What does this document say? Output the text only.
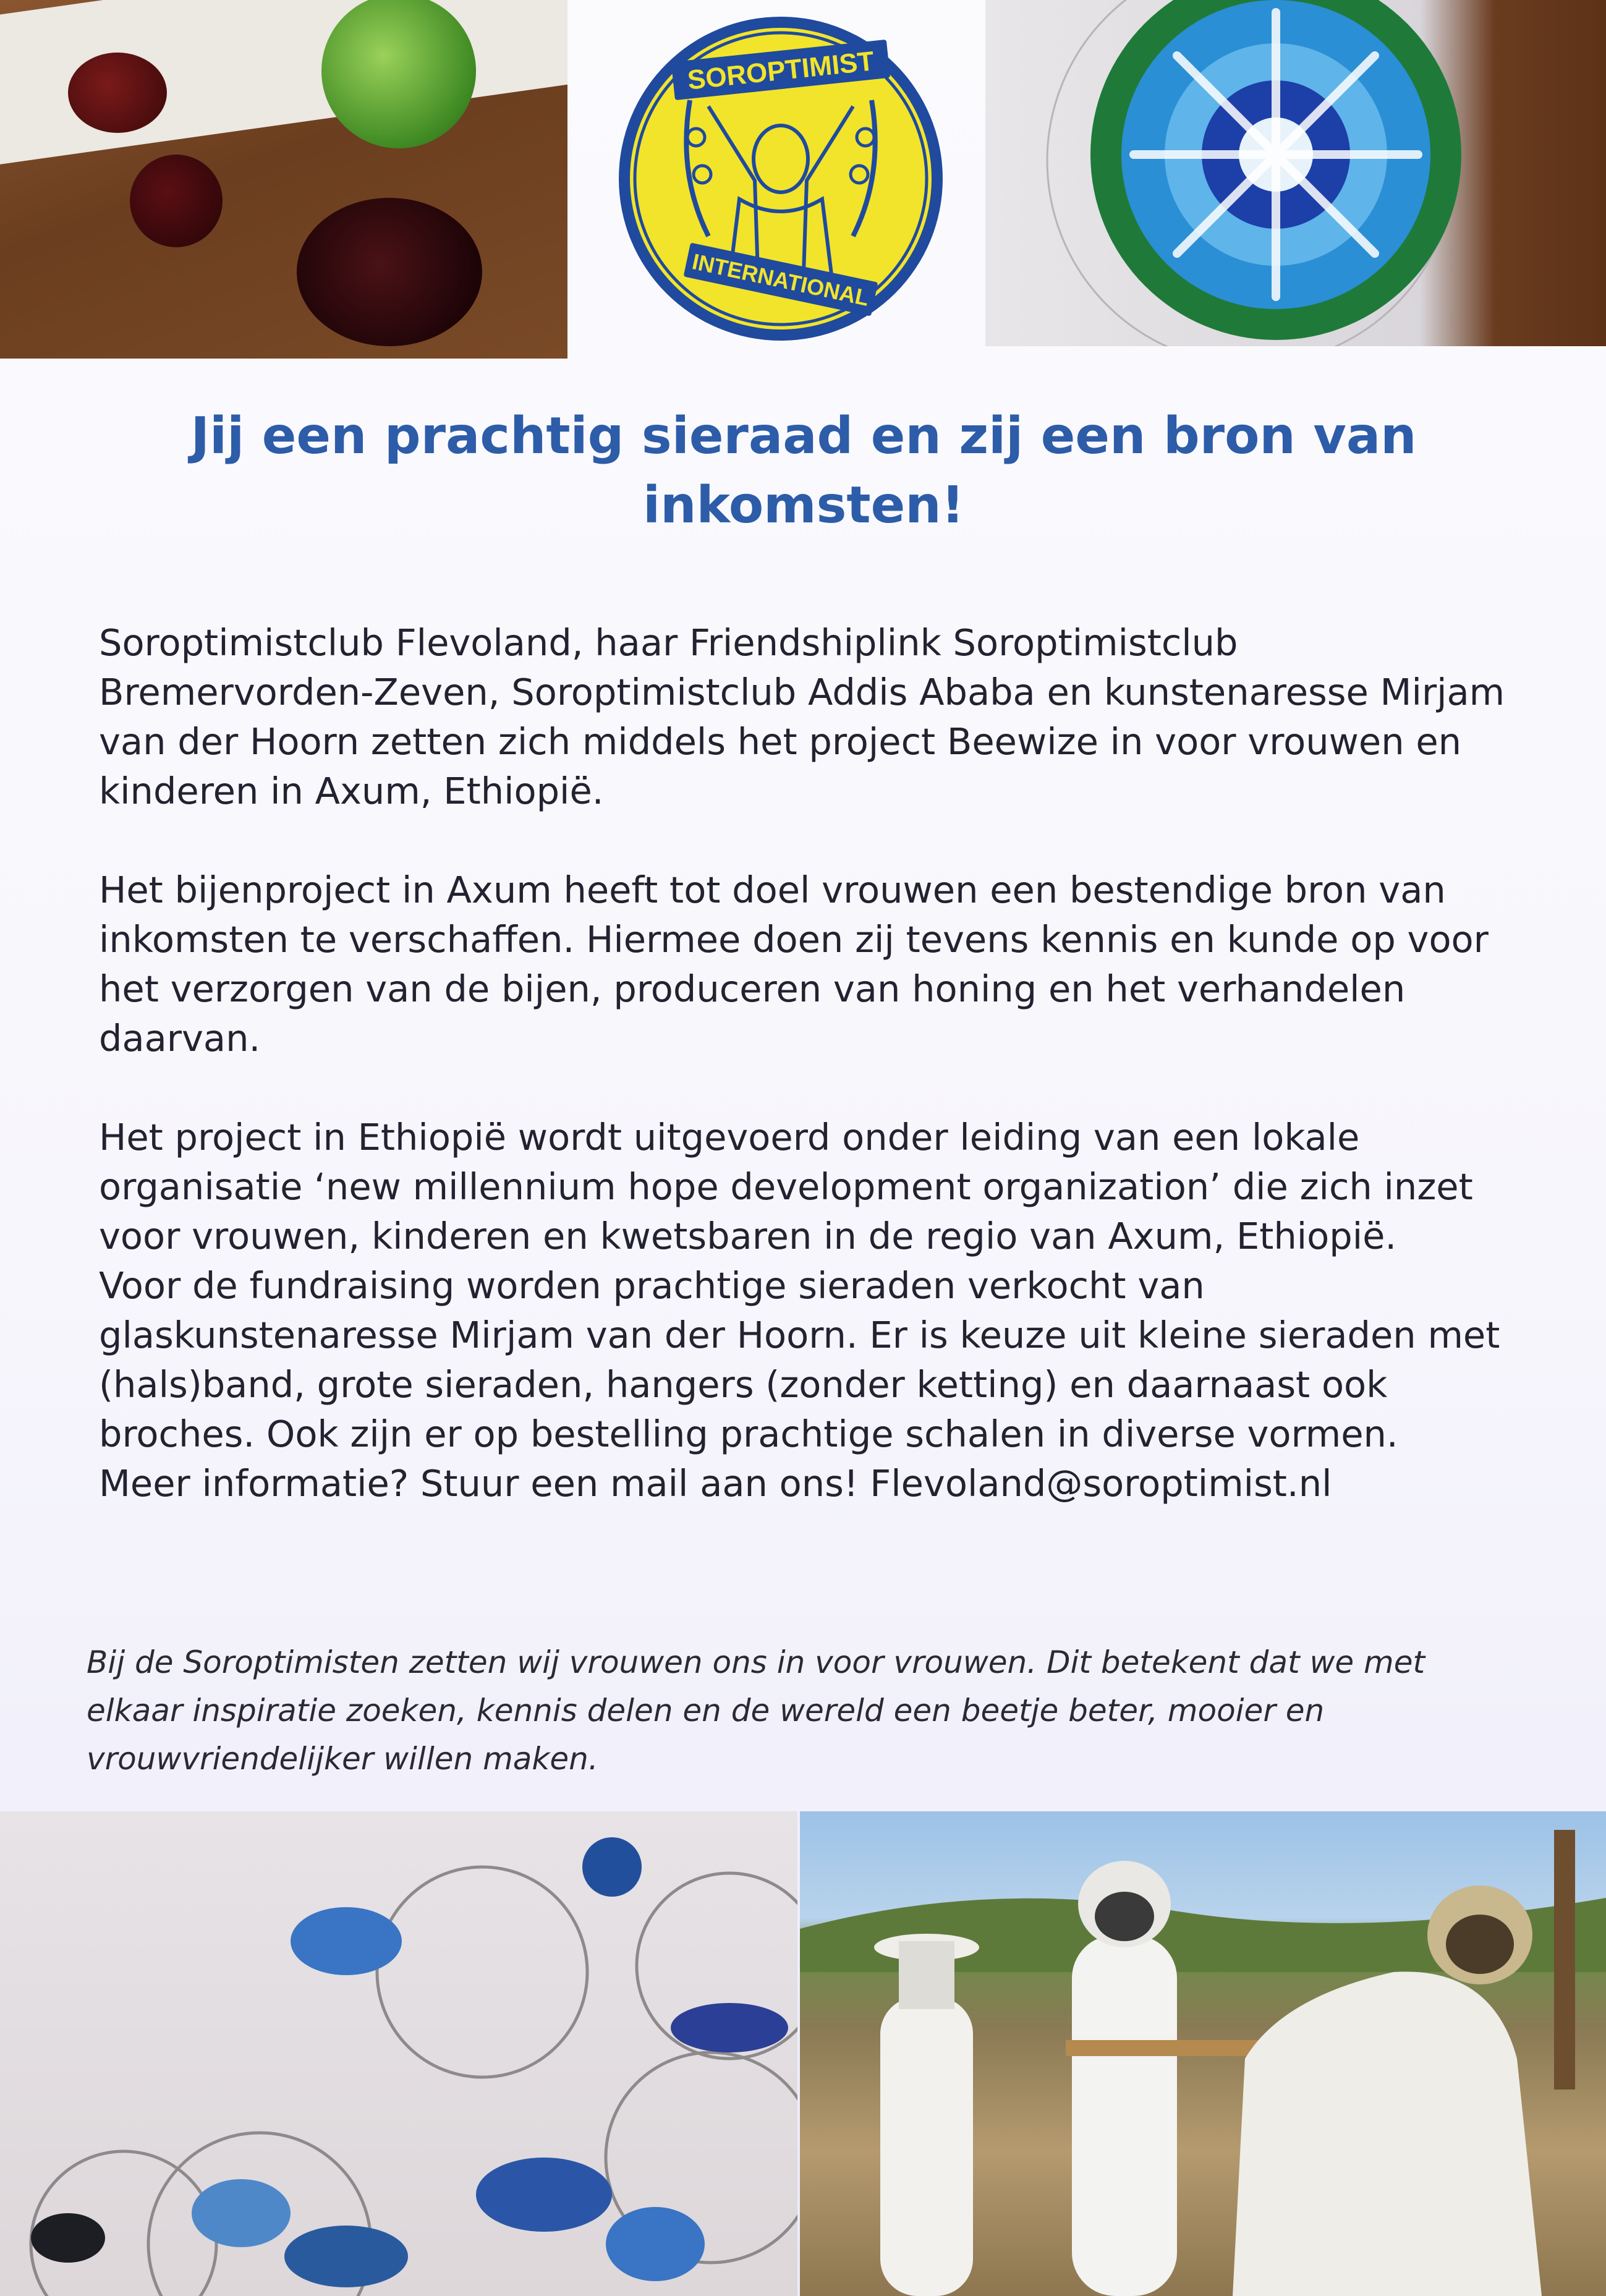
SOROPTIMIST
INTERNATIONAL
Jij een prachtig sieraad en zij een bron van
inkomsten!

Soroptimistclub Flevoland, haar Friendshiplink Soroptimistclub Bremervorden-Zeven, Soroptimistclub Addis Ababa en kunstenaresse Mirjam van der Hoorn zetten zich middels het project Beewize in voor vrouwen en kinderen in Axum, Ethiopië.

Het bijenproject in Axum heeft tot doel vrouwen een bestendige bron van inkomsten te verschaffen. Hiermee doen zij tevens kennis en kunde op voor het verzorgen van de bijen, produceren van honing en het verhandelen daarvan.

Het project in Ethiopië wordt uitgevoerd onder leiding van een lokale organisatie ‘new millennium hope development organization’ die zich inzet voor vrouwen, kinderen en kwetsbaren in de regio van Axum, Ethiopië.

Voor de fundraising worden prachtige sieraden verkocht van glaskunstenaresse Mirjam van der Hoorn. Er is keuze uit kleine sieraden met (hals)band, grote sieraden, hangers (zonder ketting) en daarnaast ook broches. Ook zijn er op bestelling prachtige schalen in diverse vormen.

Meer informatie? Stuur een mail aan ons! Flevoland@soroptimist.nl

Bij de Soroptimisten zetten wij vrouwen ons in voor vrouwen. Dit betekent dat we met elkaar inspiratie zoeken, kennis delen en de wereld een beetje beter, mooier en vrouwvriendelijker willen maken.
